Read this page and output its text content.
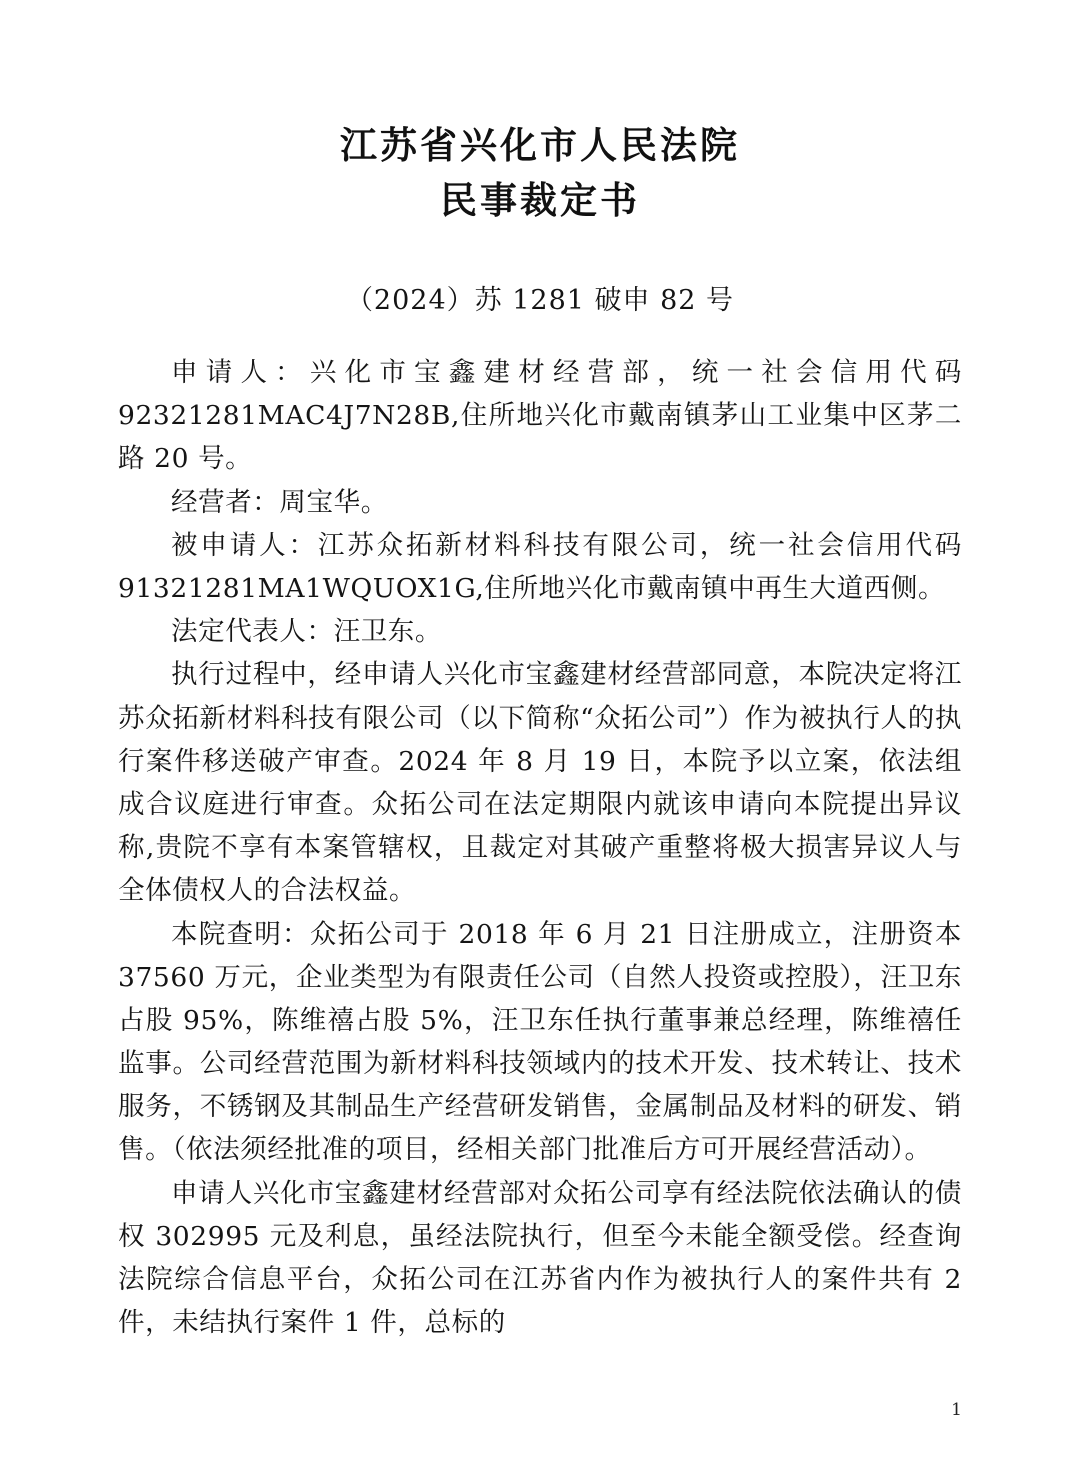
江苏省兴化市人民法院
民事裁定书
（2024）苏 1281 破申 82 号

申请人：兴化市宝鑫建材经营部，统一社会信用代码 92321281MAC4J7N28B,住所地兴化市戴南镇茅山工业集中区茅二路 20 号。

经营者：周宝华。

被申请人：江苏众拓新材料科技有限公司，统一社会信用代码 91321281MA1WQUOX1G,住所地兴化市戴南镇中再生大道西侧。

法定代表人：汪卫东。

执行过程中，经申请人兴化市宝鑫建材经营部同意，本院决定将江苏众拓新材料科技有限公司（以下简称“众拓公司”）作为被执行人的执行案件移送破产审查。2024 年 8 月 19 日，本院予以立案，依法组成合议庭进行审查。众拓公司在法定期限内就该申请向本院提出异议称,贵院不享有本案管辖权，且裁定对其破产重整将极大损害异议人与全体债权人的合法权益。

本院查明：众拓公司于 2018 年 6 月 21 日注册成立，注册资本 37560 万元，企业类型为有限责任公司（自然人投资或控股），汪卫东占股 95%，陈维禧占股 5%，汪卫东任执行董事兼总经理，陈维禧任监事。公司经营范围为新材料科技领域内的技术开发、技术转让、技术服务，不锈钢及其制品生产经营研发销售，金属制品及材料的研发、销售。（依法须经批准的项目，经相关部门批准后方可开展经营活动）。

申请人兴化市宝鑫建材经营部对众拓公司享有经法院依法确认的债权 302995 元及利息，虽经法院执行，但至今未能全额受偿。经查询法院综合信息平台，众拓公司在江苏省内作为被执行人的案件共有 2 件，未结执行案件 1 件，总标的

1
